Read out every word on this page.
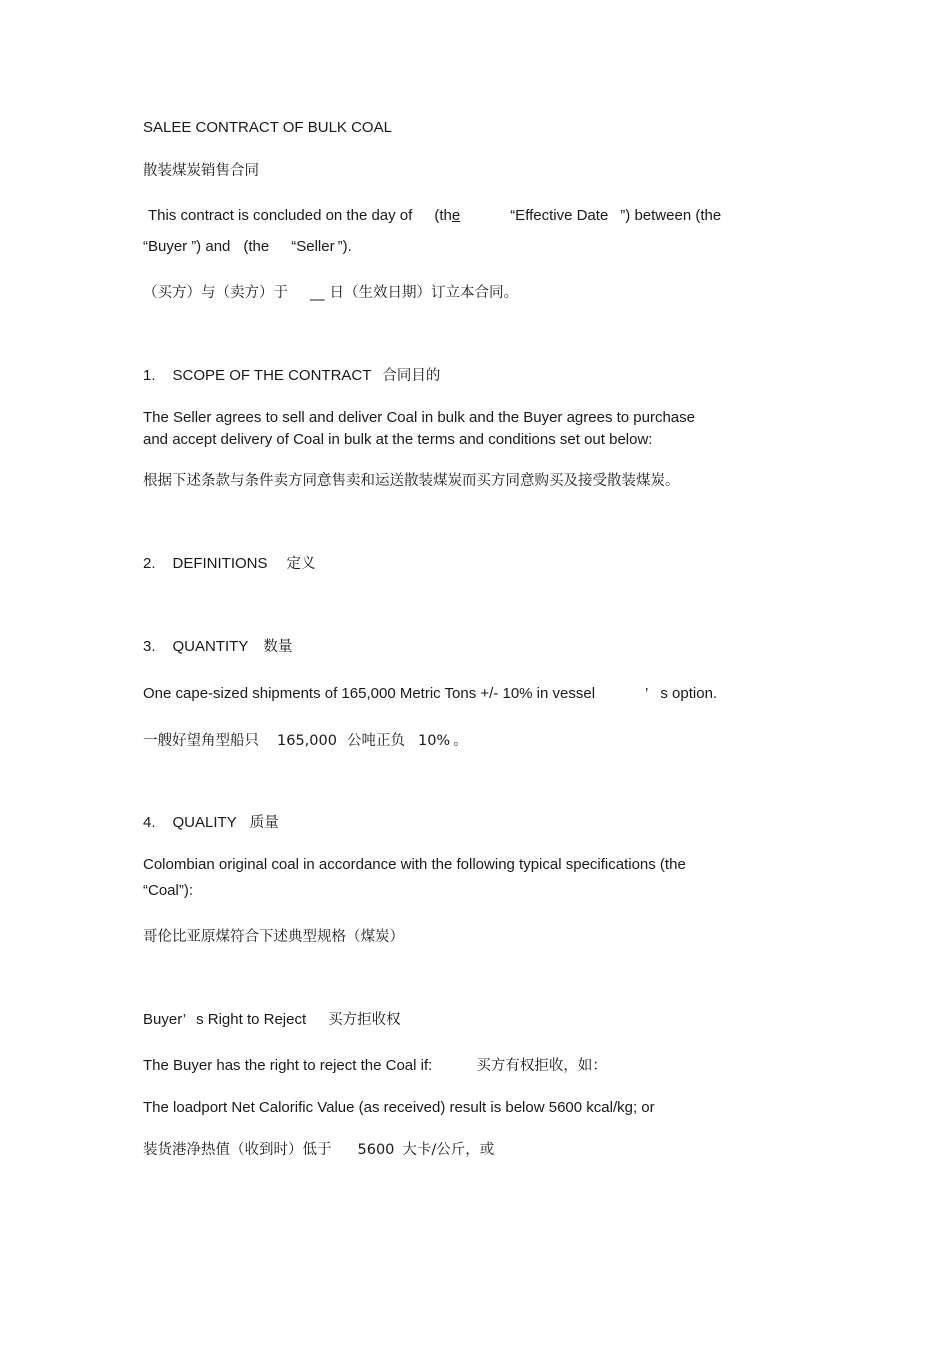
SALEE CONTRACT OF BULK COAL
散装煤炭销售合同
This contract is concluded on the day of (the	“Effective Date ”) between (the
“Buyer ”) and (the “Seller ”).
（买方）与（卖方）于 __ 日（生效日期）订立本合同。
1. SCOPE OF THE CONTRACT 合同目的
The Seller agrees to sell and deliver Coal in bulk and the Buyer agrees to purchase
and accept delivery of Coal in bulk at the terms and conditions set out below:
根据下述条款与条件卖方同意售卖和运送散装煤炭而买方同意购买及接受散装煤炭。
2. DEFINITIONS 定义
3. QUANTITY 数量
One cape-sized shipments of 165,000 Metric Tons +/- 10% in vessel	’ s option.
一艘好望角型船只 165,000 公吨正负 10% 。
4. QUALITY 质量
Colombian original coal in accordance with the following typical specifications (the
“Coal”):
哥伦比亚原煤符合下述典型规格（煤炭）
Buyer’ s Right to Reject 买方拒收权
The Buyer has the right to reject the Coal if:	买方有权拒收，如：
The loadport Net Calorific Value (as received) result is below 5600 kcal/kg; or
装货港净热值（收到时）低于 5600 大卡/公斤，或
